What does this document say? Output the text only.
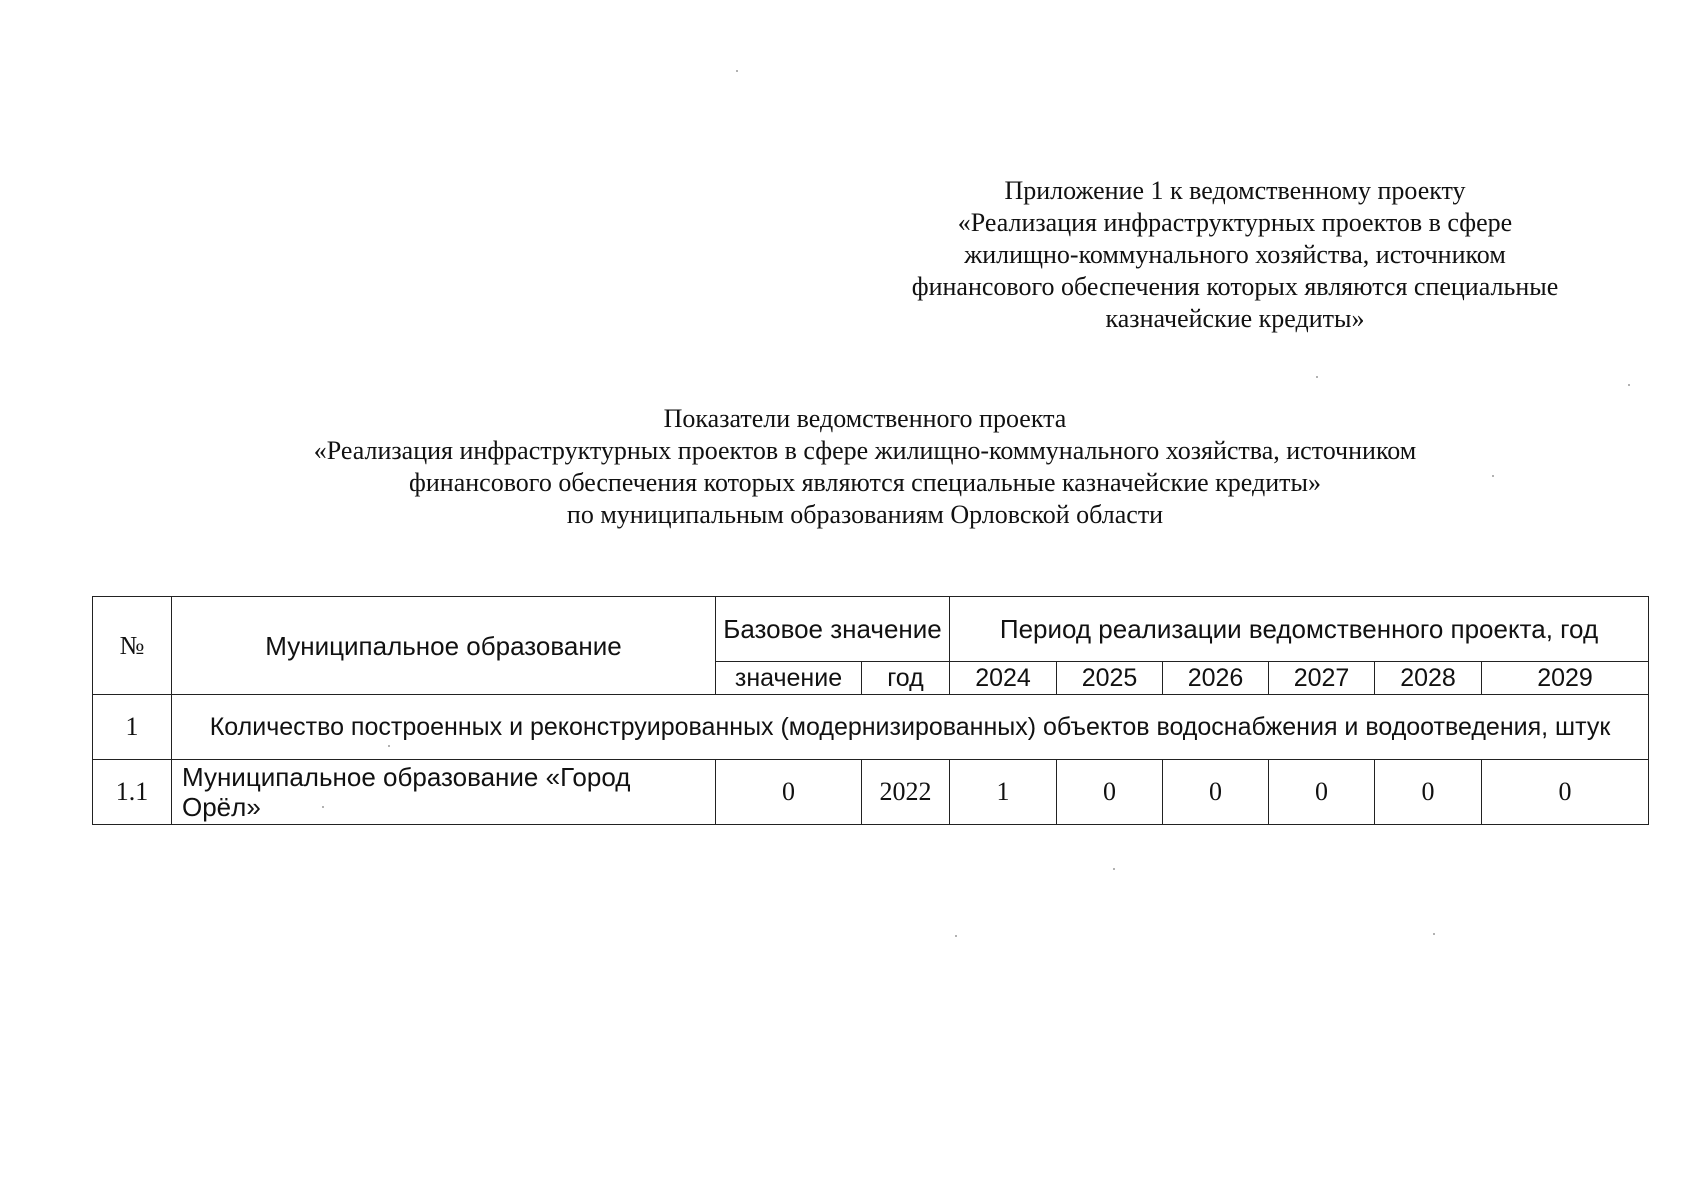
Приложение 1 к ведомственному проекту
«Реализация инфраструктурных проектов в сфере
жилищно-коммунального хозяйства, источником
финансового обеспечения которых являются специальные
казначейские кредиты»
Показатели ведомственного проекта
«Реализация инфраструктурных проектов в сфере жилищно-коммунального хозяйства, источником
финансового обеспечения которых являются специальные казначейские кредиты»
по муниципальным образованиям Орловской области
№	Муниципальное образование	Базовое значение		Период реализации ведомственного проекта, год					
		значение	год	2024	2025	2026	2027	2028	2029
1	Количество построенных и реконструированных (модернизированных) объектов водоснабжения и водоотведения, штук								
1.1	Муниципальное образование «Город Орёл»	0	2022	1	0	0	0	0	0
